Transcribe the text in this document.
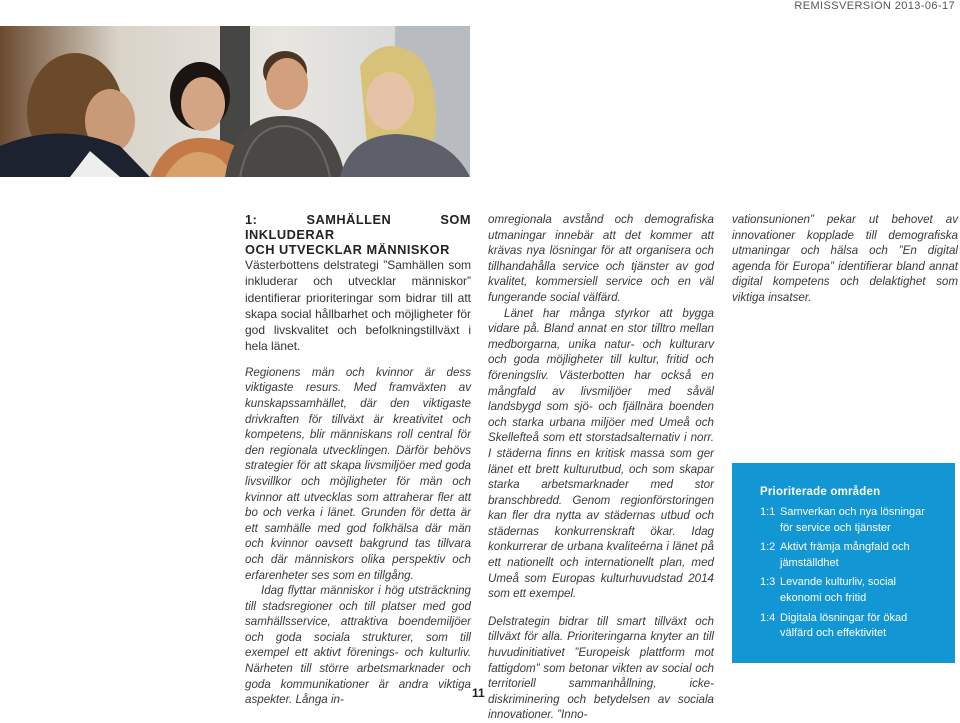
REMISSVERSION 2013-06-17
1: SAMHÄLLEN SOM INKLUDERAR
OCH UTVECKLAR MÄNNISKOR

Västerbottens delstrategi ”Samhällen som inkluderar och utvecklar människor” identifierar prioriteringar som bidrar till att skapa social hållbarhet och möjligheter för god livskvalitet och befolkningstillväxt i hela länet.

Regionens män och kvinnor är dess viktigaste resurs. Med framväxten av kunskapssamhället, där den viktigaste drivkraften för tillväxt är kreativitet och kompetens, blir människans roll central för den regionala utvecklingen. Därför behövs strategier för att skapa livsmiljöer med goda livsvillkor och möjligheter för män och kvinnor att utvecklas som attraherar fler att bo och verka i länet. Grunden för detta är ett samhälle med god folkhälsa där män och kvinnor oavsett bakgrund tas tillvara och där människors olika perspektiv och erfarenheter ses som en tillgång.

Idag flyttar människor i hög utsträckning till stadsregioner och till platser med god samhällsservice, attraktiva boendemiljöer och goda sociala strukturer, som till exempel ett aktivt förenings- och kulturliv. Närheten till större arbetsmarknader och goda kommunikationer är andra viktiga aspekter. Långa in-

omregionala avstånd och demografiska utmaningar innebär att det kommer att krävas nya lösningar för att organisera och tillhandahålla service och tjänster av god kvalitet, kommersiell service och en väl fungerande social välfärd.

Länet har många styrkor att bygga vidare på. Bland annat en stor tilltro mellan medborgarna, unika natur- och kulturarv och goda möjligheter till kultur, fritid och föreningsliv. Västerbotten har också en mångfald av livsmiljöer med såväl landsbygd som sjö- och fjällnära boenden och starka urbana miljöer med Umeå och Skellefteå som ett storstadsalternativ i norr. I städerna finns en kritisk massa som ger länet ett brett kulturutbud, och som skapar starka arbetsmarknader med stor branschbredd. Genom regionförstoringen kan fler dra nytta av städernas utbud och städernas konkurrenskraft ökar. Idag konkurrerar de urbana kvaliteérna i länet på ett nationellt och internationellt plan, med Umeå som Europas kulturhuvudstad 2014 som ett exempel.

Delstrategin bidrar till smart tillväxt och tillväxt för alla. Prioriteringarna knyter an till huvudinitiativet ”Europeisk plattform mot fattigdom” som betonar vikten av social och territoriell sammanhållning, icke-diskriminering och betydelsen av sociala innovationer. ”Inno-

vationsunionen” pekar ut behovet av innovationer kopplade till demografiska utmaningar och hälsa och ”En digital agenda för Europa” identifierar bland annat digital kompetens och delaktighet som viktiga insatser.

Prioriterade områden
1:1 Samverkan och nya lösningar för service och tjänster
1:2 Aktivt främja mångfald och jämställdhet
1:3 Levande kulturliv, social ekonomi och fritid
1:4 Digitala lösningar för ökad välfärd och effektivitet
11
